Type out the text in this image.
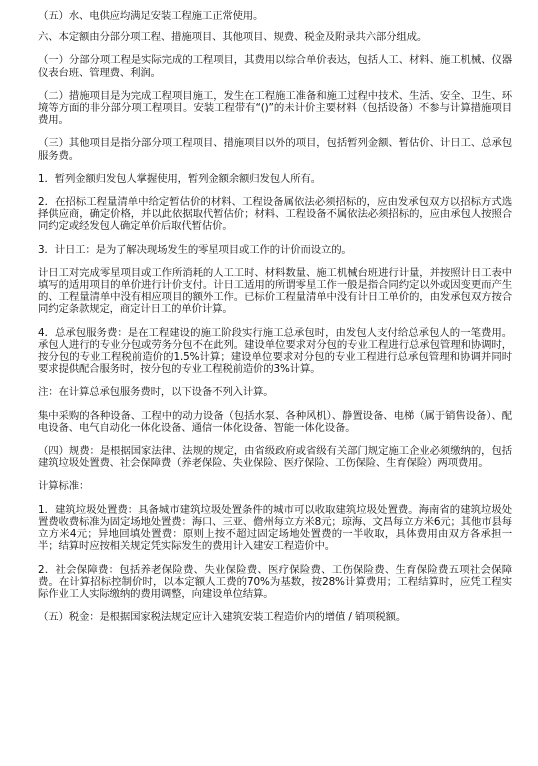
（五）水、电供应均满足安装工程施工正常使用。

六、本定额由分部分项工程、措施项目、其他项目、规费、税金及附录共六部分组成。

（一）分部分项工程是实际完成的工程项目，其费用以综合单价表达，包括人工、材料、施工机械、仪器仪表台班、管理费、利润。

（二）措施项目是为完成工程项目施工，发生在工程施工准备和施工过程中技术、生活、安全、卫生、环境等方面的非分部分项工程项目。安装工程带有“()”的未计价主要材料（包括设备）不参与计算措施项目费用。

（三）其他项目是指分部分项工程项目、措施项目以外的项目，包括暂列金额、暂估价、计日工、总承包服务费。

1．暂列金额归发包人掌握使用，暂列金额余额归发包人所有。

2．在招标工程量清单中给定暂估价的材料、工程设备属依法必须招标的，应由发承包双方以招标方式选择供应商，确定价格，并以此依据取代暂估价；材料、工程设备不属依法必须招标的，应由承包人按照合同约定或经发包人确定单价后取代暂估价。

3．计日工：是为了解决现场发生的零星项目或工作的计价而设立的。

计日工对完成零星项目或工作所消耗的人工工时、材料数量、施工机械台班进行计量，并按照计日工表中填写的适用项目的单价进行计价支付。计日工适用的所谓零星工作一般是指合同约定以外或因变更而产生的、工程量清单中没有相应项目的额外工作。已标价工程量清单中没有计日工单价的，由发承包双方按合同约定条款规定，商定计日工的单价计算。

4．总承包服务费：是在工程建设的施工阶段实行施工总承包时，由发包人支付给总承包人的一笔费用。承包人进行的专业分包或劳务分包不在此列。建设单位要求对分包的专业工程进行总承包管理和协调时，按分包的专业工程税前造价的1.5%计算；建设单位要求对分包的专业工程进行总承包管理和协调并同时要求提供配合服务时，按分包的专业工程税前造价的3%计算。

注：在计算总承包服务费时，以下设备不列入计算。

集中采购的各种设备、工程中的动力设备（包括水泵、各种风机）、静置设备、电梯（属于销售设备）、配电设备、电气自动化一体化设备、通信一体化设备、智能一体化设备。

（四）规费：是根据国家法律、法规的规定，由省级政府或省级有关部门规定施工企业必须缴纳的，包括建筑垃圾处置费、社会保障费（养老保险、失业保险、医疗保险、工伤保险、生育保险）两项费用。

计算标准：

1．建筑垃圾处置费：具备城市建筑垃圾处置条件的城市可以收取建筑垃圾处置费。海南省的建筑垃圾处置费收费标准为固定场地处置费：海口、三亚、儋州每立方米8元；琼海、文昌每立方米6元；其他市县每立方米4元；异地回填处置费：原则上按不超过固定场地处置费的一半收取，具体费用由双方各承担一半；结算时应按相关规定凭实际发生的费用计入建安工程造价中。

2．社会保障费：包括养老保险费、失业保险费、医疗保险费、工伤保险费、生育保险费五项社会保障费。在计算招标控制价时，以本定额人工费的70%为基数，按28%计算费用；工程结算时，应凭工程实际作业工人实际缴纳的费用调整，向建设单位结算。

（五）税金：是根据国家税法规定应计入建筑安装工程造价内的增值 / 销项税额。
